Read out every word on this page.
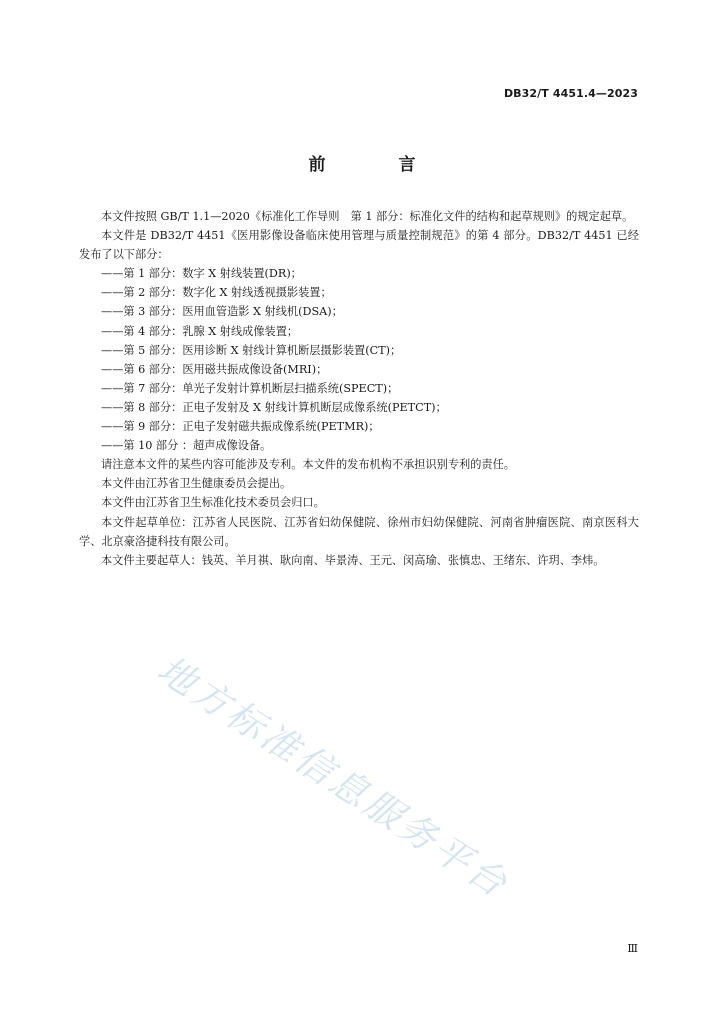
DB32/T 4451.4—2023
前　言

本文件按照 GB/T 1.1—2020《标准化工作导则　第 1 部分：标准化文件的结构和起草规则》的规定起草。

本文件是 DB32/T 4451《医用影像设备临床使用管理与质量控制规范》的第 4 部分。DB32/T 4451 已经发布了以下部分：

——第 1 部分：数字 X 射线装置(DR)；

——第 2 部分：数字化 X 射线透视摄影装置；

——第 3 部分：医用血管造影 X 射线机(DSA)；

——第 4 部分：乳腺 X 射线成像装置；

——第 5 部分：医用诊断 X 射线计算机断层摄影装置(CT)；

——第 6 部分：医用磁共振成像设备(MRI)；

——第 7 部分：单光子发射计算机断层扫描系统(SPECT)；

——第 8 部分：正电子发射及 X 射线计算机断层成像系统(PETCT)；

——第 9 部分：正电子发射磁共振成像系统(PETMR)；

——第 10 部分 ：超声成像设备。

请注意本文件的某些内容可能涉及专利。本文件的发布机构不承担识别专利的责任。

本文件由江苏省卫生健康委员会提出。

本文件由江苏省卫生标准化技术委员会归口。

本文件起草单位：江苏省人民医院、江苏省妇幼保健院、徐州市妇幼保健院、河南省肿瘤医院、南京医科大学、北京豪洛捷科技有限公司。

本文件主要起草人：钱英、羊月祺、耿向南、毕景涛、王元、闵高瑜、张慎忠、王绪东、许玥、李炜。

地方标准信息服务平台
Ⅲ
